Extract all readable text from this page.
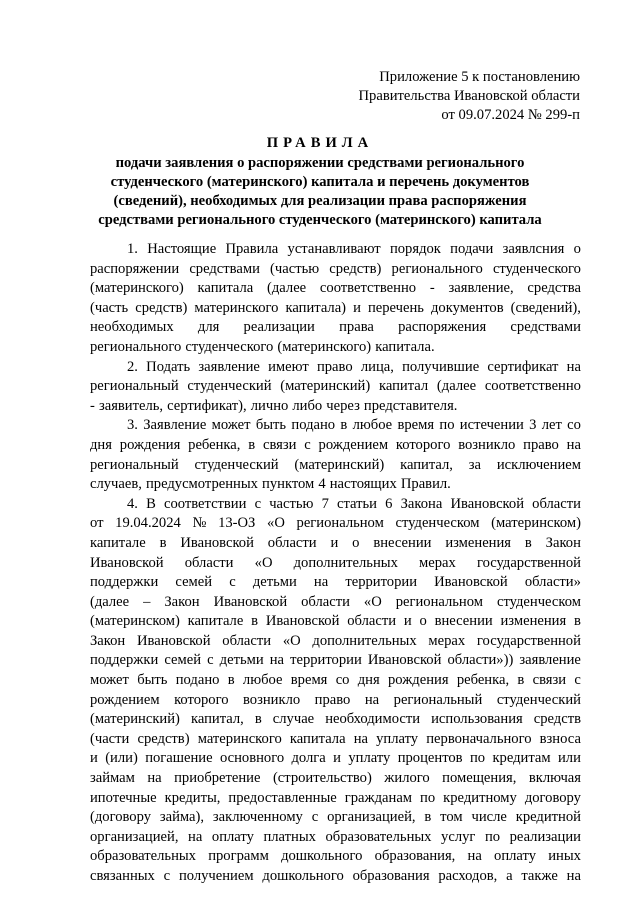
Приложение 5 к постановлению
Правительства Ивановской области
от 09.07.2024 № 299-п
ПРАВИЛА
подачи заявления о распоряжении средствами регионального
студенческого (материнского) капитала и перечень документов
(сведений), необходимых для реализации права распоряжения
средствами регионального студенческого (материнского) капитала
1. Настоящие Правила устанавливают порядок подачи заявлсния о
распоряжении средствами (частью средств) регионального студенческого
(материнского) капитала (далее соответственно - заявление, средства
(часть средств) материнского капитала) и перечень документов (сведений),
необходимых для реализации права распоряжения средствами
регионального студенческого (материнского) капитала.
2. Подать заявление имеют право лица, получившие сертификат на
региональный студенческий (материнский) капитал (далее соответственно
- заявитель, сертификат), лично либо через представителя.
3. Заявление может быть подано в любое время по истечении 3 лет со
дня рождения ребенка, в связи с рождением которого возникло право на
региональный студенческий (материнский) капитал, за исключением
случаев, предусмотренных пунктом 4 настоящих Правил.
4. В соответствии с частью 7 статьи 6 Закона Ивановской области
от 19.04.2024 № 13-ОЗ «О региональном студенческом (материнском)
капитале в Ивановской области и о внесении изменения в Закон
Ивановской области «О дополнительных мерах государственной
поддержки семей с детьми на территории Ивановской области»
(далее – Закон Ивановской области «О региональном студенческом
(материнском) капитале в Ивановской области и о внесении изменения в
Закон Ивановской области «О дополнительных мерах государственной
поддержки семей с детьми на территории Ивановской области»)) заявление
может быть подано в любое время со дня рождения ребенка, в связи с
рождением которого возникло право на региональный студенческий
(материнский) капитал, в случае необходимости использования средств
(части средств) материнского капитала на уплату первоначального взноса
и (или) погашение основного долга и уплату процентов по кредитам или
займам на приобретение (строительство) жилого помещения, включая
ипотечные кредиты, предоставленные гражданам по кредитному договору
(договору займа), заключенному с организацией, в том числе кредитной
организацией, на оплату платных образовательных услуг по реализации
образовательных программ дошкольного образования, на оплату иных
связанных с получением дошкольного образования расходов, а также на
